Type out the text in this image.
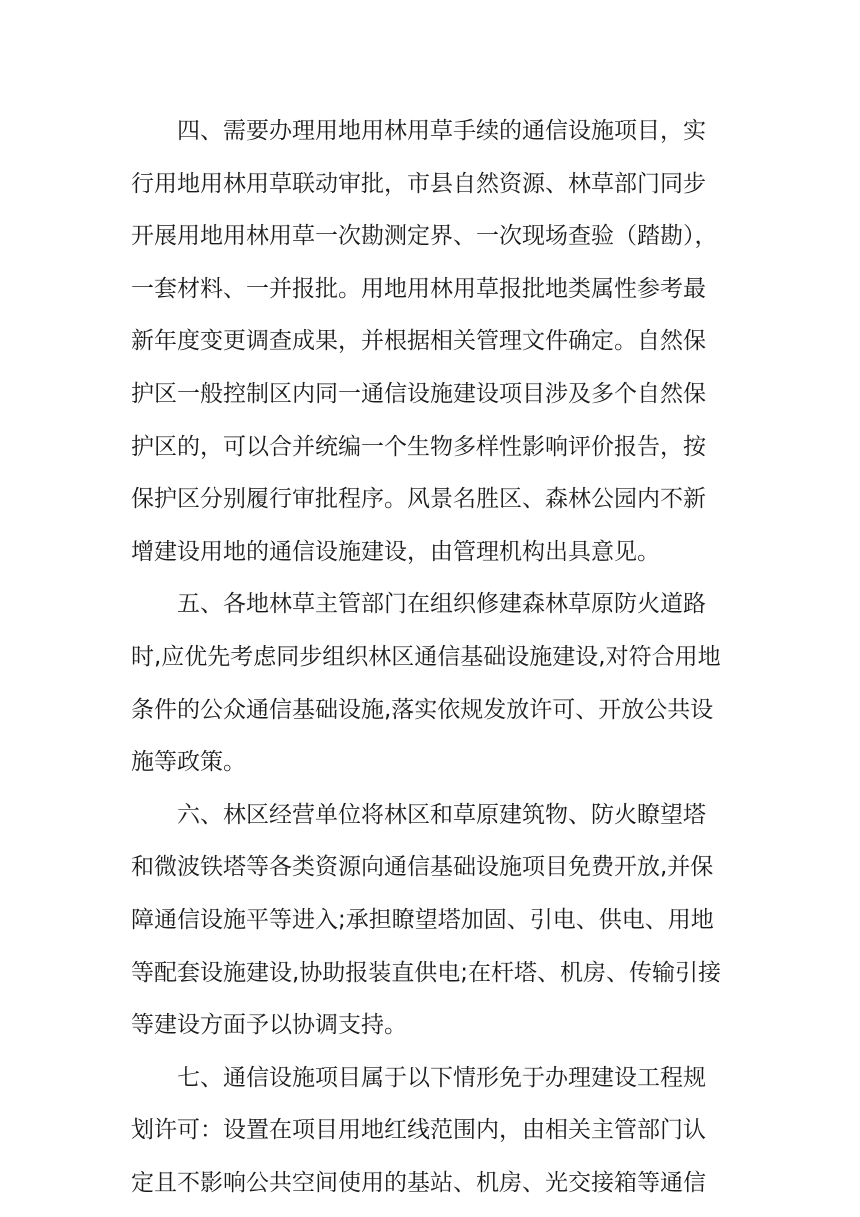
四、需要办理用地用林用草手续的通信设施项目，实
行用地用林用草联动审批，市县自然资源、林草部门同步
开展用地用林用草一次勘测定界、一次现场查验（踏勘），
一套材料、一并报批。用地用林用草报批地类属性参考最
新年度变更调查成果，并根据相关管理文件确定。自然保
护区一般控制区内同一通信设施建设项目涉及多个自然保
护区的，可以合并统编一个生物多样性影响评价报告，按
保护区分别履行审批程序。风景名胜区、森林公园内不新
增建设用地的通信设施建设，由管理机构出具意见。
五、各地林草主管部门在组织修建森林草原防火道路
时,应优先考虑同步组织林区通信基础设施建设,对符合用地
条件的公众通信基础设施,落实依规发放许可、开放公共设
施等政策。
六、林区经营单位将林区和草原建筑物、防火瞭望塔
和微波铁塔等各类资源向通信基础设施项目免费开放,并保
障通信设施平等进入;承担瞭望塔加固、引电、供电、用地
等配套设施建设,协助报装直供电;在杆塔、机房、传输引接
等建设方面予以协调支持。
七、通信设施项目属于以下情形免于办理建设工程规
划许可：设置在项目用地红线范围内，由相关主管部门认
定且不影响公共空间使用的基站、机房、光交接箱等通信
